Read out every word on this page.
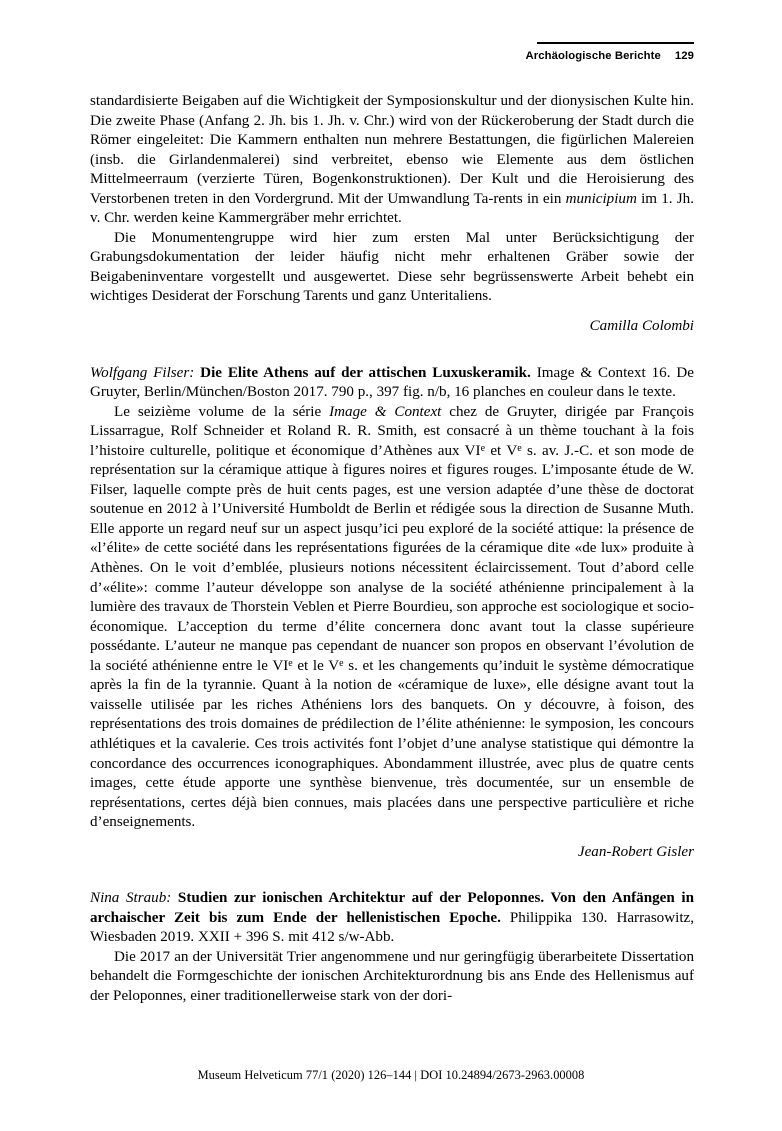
Archäologische Berichte 129

standardisierte Beigaben auf die Wichtigkeit der Symposionskultur und der dionysischen Kulte hin. Die zweite Phase (Anfang 2. Jh. bis 1. Jh. v. Chr.) wird von der Rückeroberung der Stadt durch die Römer eingeleitet: Die Kammern enthalten nun mehrere Bestattungen, die figürlichen Malereien (insb. die Girlandenmalerei) sind verbreitet, ebenso wie Elemente aus dem östlichen Mittelmeerraum (verzierte Türen, Bogenkonstruktionen). Der Kult und die Heroisierung des Verstorbenen treten in den Vordergrund. Mit der Umwandlung Ta-rents in ein municipium im 1. Jh. v. Chr. werden keine Kammergräber mehr errichtet.

Die Monumentengruppe wird hier zum ersten Mal unter Berücksichtigung der Grabungsdokumentation der leider häufig nicht mehr erhaltenen Gräber sowie der Beigabeninventare vorgestellt und ausgewertet. Diese sehr begrüssenswerte Arbeit behebt ein wichtiges Desiderat der Forschung Tarents und ganz Unteritaliens.

Camilla Colombi

Wolfgang Filser: Die Elite Athens auf der attischen Luxuskeramik. Image & Context 16. De Gruyter, Berlin/München/Boston 2017. 790 p., 397 fig. n/b, 16 planches en couleur dans le texte.

Le seizième volume de la série Image & Context chez de Gruyter, dirigée par François Lissarrague, Rolf Schneider et Roland R. R. Smith, est consacré à un thème touchant à la fois l’histoire culturelle, politique et économique d’Athènes aux VIe et Ve s. av. J.-C. et son mode de représentation sur la céramique attique à figures noires et figures rouges. L’imposante étude de W. Filser, laquelle compte près de huit cents pages, est une version adaptée d’une thèse de doctorat soutenue en 2012 à l’Université Humboldt de Berlin et rédigée sous la direction de Susanne Muth. Elle apporte un regard neuf sur un aspect jusqu’ici peu exploré de la société attique: la présence de «l’élite» de cette société dans les représentations figurées de la céramique dite «de lux» produite à Athènes. On le voit d’emblée, plusieurs notions nécessitent éclaircissement. Tout d’abord celle d’«élite»: comme l’auteur développe son analyse de la société athénienne principalement à la lumière des travaux de Thorstein Veblen et Pierre Bourdieu, son approche est sociologique et socio-économique. L’acception du terme d’élite concernera donc avant tout la classe supérieure possédante. L’auteur ne manque pas cependant de nuancer son propos en observant l’évolution de la société athénienne entre le VIe et le Ve s. et les changements qu’induit le système démocratique après la fin de la tyrannie. Quant à la notion de «céramique de luxe», elle désigne avant tout la vaisselle utilisée par les riches Athéniens lors des banquets. On y découvre, à foison, des représentations des trois domaines de prédilection de l’élite athénienne: le symposion, les concours athlétiques et la cavalerie. Ces trois activités font l’objet d’une analyse statistique qui démontre la concordance des occurrences iconographiques. Abondamment illustrée, avec plus de quatre cents images, cette étude apporte une synthèse bienvenue, très documentée, sur un ensemble de représentations, certes déjà bien connues, mais placées dans une perspective particulière et riche d’enseignements.

Jean-Robert Gisler

Nina Straub: Studien zur ionischen Architektur auf der Peloponnes. Von den Anfängen in archaischer Zeit bis zum Ende der hellenistischen Epoche. Philippika 130. Harrasowitz, Wiesbaden 2019. XXII + 396 S. mit 412 s/w-Abb.

Die 2017 an der Universität Trier angenommene und nur geringfügig überarbeitete Dissertation behandelt die Formgeschichte der ionischen Architekturordnung bis ans Ende des Hellenismus auf der Peloponnes, einer traditionellerweise stark von der dori-

Museum Helveticum 77/1 (2020) 126–144 | DOI 10.24894/2673-2963.00008
